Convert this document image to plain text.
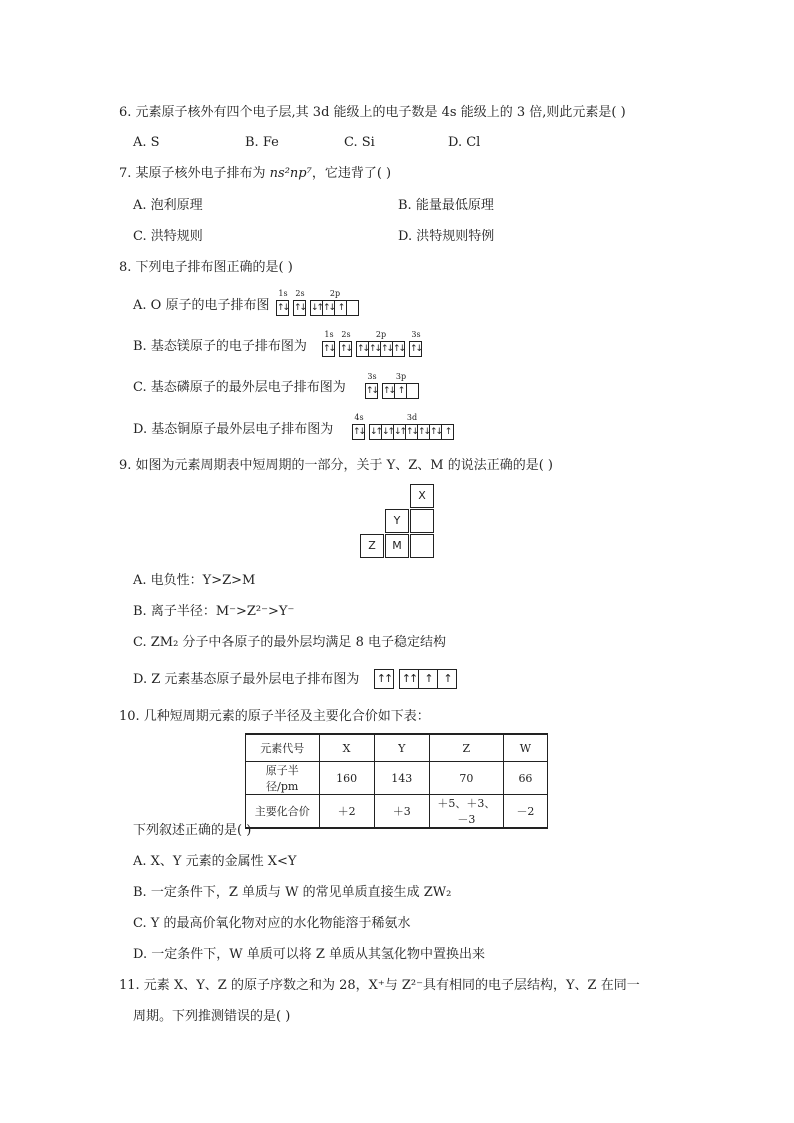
6. 元素原子核外有四个电子层,其 3d 能级上的电子数是 4s 能级上的 3 倍,则此元素是( )
A. S	B. Fe	C. Si	D. Cl
7. 某原子核外电子排布为 ns²np⁷，它违背了( )
A. 泡利原理	B. 能量最低原理
C. 洪特规则	D. 洪特规则特例
8. 下列电子排布图正确的是( )
A. O 原子的电子排布图
1s
↑↓
2s
↑↓
2p
↓↑ ↑↓ ↑
B. 基态镁原子的电子排布图为
1s
↑↓
2s
↑↓
2p
↑↓ ↑↓ ↑↓ ↑↓
3s
↑↓
C. 基态磷原子的最外层电子排布图为
3s
↑↓
3p
↑↓ ↑
D. 基态铜原子最外层电子排布图为
4s
↑↓
3d
↓↑ ↓↑ ↓↑ ↑↓ ↑↓ ↑↓ ↑
9. 如图为元素周期表中短周期的一部分，关于 Y、Z、M 的说法正确的是( )
X
Y
Z	M
A. 电负性：Y>Z>M
B. 离子半径：M⁻>Z²⁻>Y⁻
C. ZM₂ 分子中各原子的最外层均满足 8 电子稳定结构
D. Z 元素基态原子最外层电子排布图为 ↑↑ ↑↑ ↑	↑
10. 几种短周期元素的原子半径及主要化合价如下表：
元素代号	X	Y	Z	W
原子半径/pm	160	143	70	66
主要化合价	＋2	＋3	＋5、＋3、－3	－2
下列叙述正确的是( )
A. X、Y 元素的金属性 X<Y
B. 一定条件下，Z 单质与 W 的常见单质直接生成 ZW₂
C. Y 的最高价氧化物对应的水化物能溶于稀氨水
D. 一定条件下，W 单质可以将 Z 单质从其氢化物中置换出来
11. 元素 X、Y、Z 的原子序数之和为 28，X⁺与 Z²⁻具有相同的电子层结构，Y、Z 在同一
周期。下列推测错误的是( )
